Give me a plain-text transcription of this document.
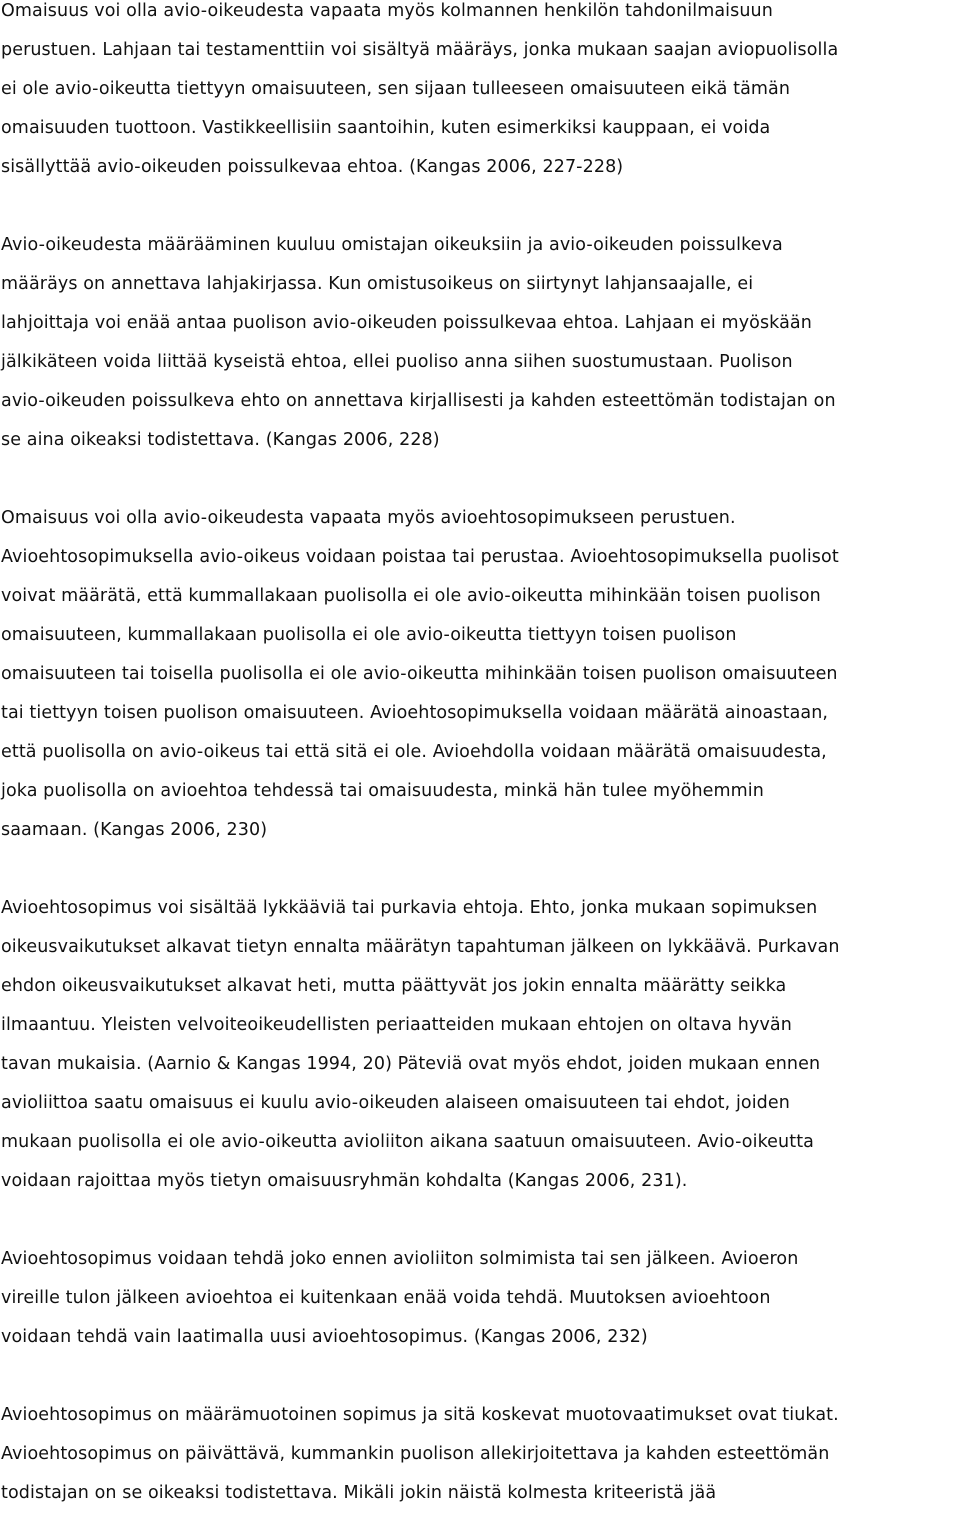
Omaisuus voi olla avio-oikeudesta vapaata myös kolmannen henkilön tahdonilmaisuun
perustuen. Lahjaan tai testamenttiin voi sisältyä määräys, jonka mukaan saajan aviopuolisolla
ei ole avio-oikeutta tiettyyn omaisuuteen, sen sijaan tulleeseen omaisuuteen eikä tämän
omaisuuden tuottoon. Vastikkeellisiin saantoihin, kuten esimerkiksi kauppaan, ei voida
sisällyttää avio-oikeuden poissulkevaa ehtoa. (Kangas 2006, 227-228)

Avio-oikeudesta määrääminen kuuluu omistajan oikeuksiin ja avio-oikeuden poissulkeva
määräys on annettava lahjakirjassa. Kun omistusoikeus on siirtynyt lahjansaajalle, ei
lahjoittaja voi enää antaa puolison avio-oikeuden poissulkevaa ehtoa. Lahjaan ei myöskään
jälkikäteen voida liittää kyseistä ehtoa, ellei puoliso anna siihen suostumustaan. Puolison
avio-oikeuden poissulkeva ehto on annettava kirjallisesti ja kahden esteettömän todistajan on
se aina oikeaksi todistettava. (Kangas 2006, 228)

Omaisuus voi olla avio-oikeudesta vapaata myös avioehtosopimukseen perustuen.
Avioehtosopimuksella avio-oikeus voidaan poistaa tai perustaa. Avioehtosopimuksella puolisot
voivat määrätä, että kummallakaan puolisolla ei ole avio-oikeutta mihinkään toisen puolison
omaisuuteen, kummallakaan puolisolla ei ole avio-oikeutta tiettyyn toisen puolison
omaisuuteen tai toisella puolisolla ei ole avio-oikeutta mihinkään toisen puolison omaisuuteen
tai tiettyyn toisen puolison omaisuuteen. Avioehtosopimuksella voidaan määrätä ainoastaan,
että puolisolla on avio-oikeus tai että sitä ei ole. Avioehdolla voidaan määrätä omaisuudesta,
joka puolisolla on avioehtoa tehdessä tai omaisuudesta, minkä hän tulee myöhemmin
saamaan. (Kangas 2006, 230)

Avioehtosopimus voi sisältää lykkääviä tai purkavia ehtoja. Ehto, jonka mukaan sopimuksen
oikeusvaikutukset alkavat tietyn ennalta määrätyn tapahtuman jälkeen on lykkäävä. Purkavan
ehdon oikeusvaikutukset alkavat heti, mutta päättyvät jos jokin ennalta määrätty seikka
ilmaantuu. Yleisten velvoiteoikeudellisten periaatteiden mukaan ehtojen on oltava hyvän
tavan mukaisia. (Aarnio & Kangas 1994, 20) Päteviä ovat myös ehdot, joiden mukaan ennen
avioliittoa saatu omaisuus ei kuulu avio-oikeuden alaiseen omaisuuteen tai ehdot, joiden
mukaan puolisolla ei ole avio-oikeutta avioliiton aikana saatuun omaisuuteen. Avio-oikeutta
voidaan rajoittaa myös tietyn omaisuusryhmän kohdalta (Kangas 2006, 231).

Avioehtosopimus voidaan tehdä joko ennen avioliiton solmimista tai sen jälkeen. Avioeron
vireille tulon jälkeen avioehtoa ei kuitenkaan enää voida tehdä. Muutoksen avioehtoon
voidaan tehdä vain laatimalla uusi avioehtosopimus. (Kangas 2006, 232)

Avioehtosopimus on määrämuotoinen sopimus ja sitä koskevat muotovaatimukset ovat tiukat.
Avioehtosopimus on päivättävä, kummankin puolison allekirjoitettava ja kahden esteettömän
todistajan on se oikeaksi todistettava. Mikäli jokin näistä kolmesta kriteeristä jää
